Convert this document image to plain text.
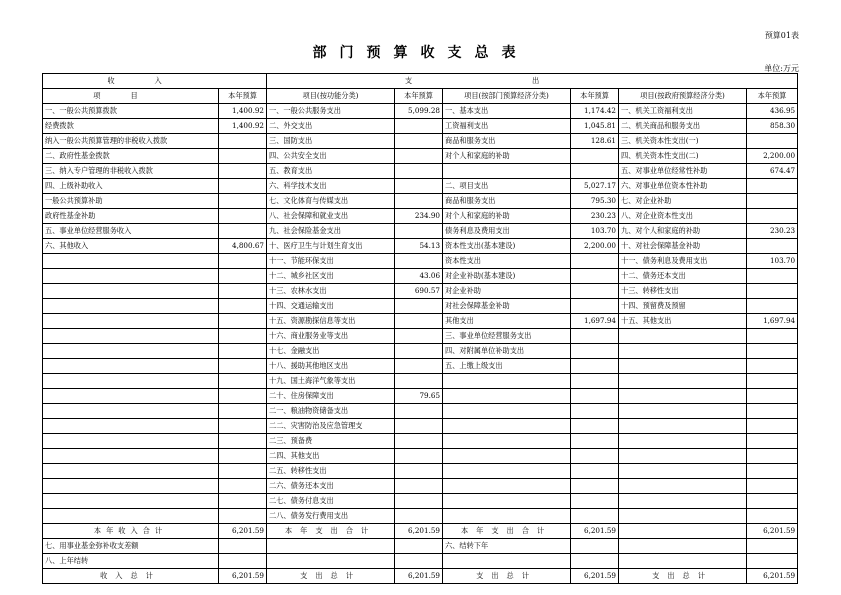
预算01表
部门预算收支总表
单位:万元
收入		支出					
项目	本年预算	项目(按功能分类)	本年预算	项目(按部门预算经济分类)	本年预算	项目(按政府预算经济分类)	本年预算
一、一般公共预算拨款	1,400.92	一、一般公共服务支出	5,099.28	一、基本支出	1,174.42	一、机关工资福利支出	436.95
经费拨款	1,400.92	二、外交支出		工资福利支出	1,045.81	二、机关商品和服务支出	858.30
纳入一般公共预算管理的非税收入拨款		三、国防支出		商品和服务支出	128.61	三、机关资本性支出(一)	
二、政府性基金拨款		四、公共安全支出		对个人和家庭的补助		四、机关资本性支出(二)	2,200.00
三、纳入专户管理的非税收入拨款		五、教育支出				五、对事业单位经常性补助	674.47
四、上级补助收入		六、科学技术支出		二、项目支出	5,027.17	六、对事业单位资本性补助	
一般公共预算补助		七、文化体育与传媒支出		商品和服务支出	795.30	七、对企业补助	
政府性基金补助		八、社会保障和就业支出	234.90	对个人和家庭的补助	230.23	八、对企业资本性支出	
五、事业单位经营服务收入		九、社会保险基金支出		债务利息及费用支出	103.70	九、对个人和家庭的补助	230.23
六、其他收入	4,800.67	十、医疗卫生与计划生育支出	54.13	资本性支出(基本建设)	2,200.00	十、对社会保障基金补助	
		十一、节能环保支出		资本性支出		十一、债务利息及费用支出	103.70
		十二、城乡社区支出	43.06	对企业补助(基本建设)		十二、债务还本支出	
		十三、农林水支出	690.57	对企业补助		十三、转移性支出	
		十四、交通运输支出		对社会保障基金补助		十四、预留费及预留	
		十五、资源勘探信息等支出		其他支出	1,697.94	十五、其他支出	1,697.94
		十六、商业服务业等支出		三、事业单位经营服务支出			
		十七、金融支出		四、对附属单位补助支出			
		十八、援助其他地区支出		五、上缴上级支出			
		十九、国土海洋气象等支出					
		二十、住房保障支出	79.65				
		二一、粮油物资储备支出					
		二二、灾害防治及应急管理支					
		二三、预备费					
		二四、其他支出					
		二五、转移性支出					
		二六、债务还本支出					
		二七、债务付息支出					
		二八、债务发行费用支出					
本年收入合计	6,201.59	本年支出合计	6,201.59	本年支出合计	6,201.59		6,201.59
七、用事业基金弥补收支差额				六、结转下年			
八、上年结转							
收入总计	6,201.59	支出总计	6,201.59	支出总计	6,201.59	支出总计	6,201.59
